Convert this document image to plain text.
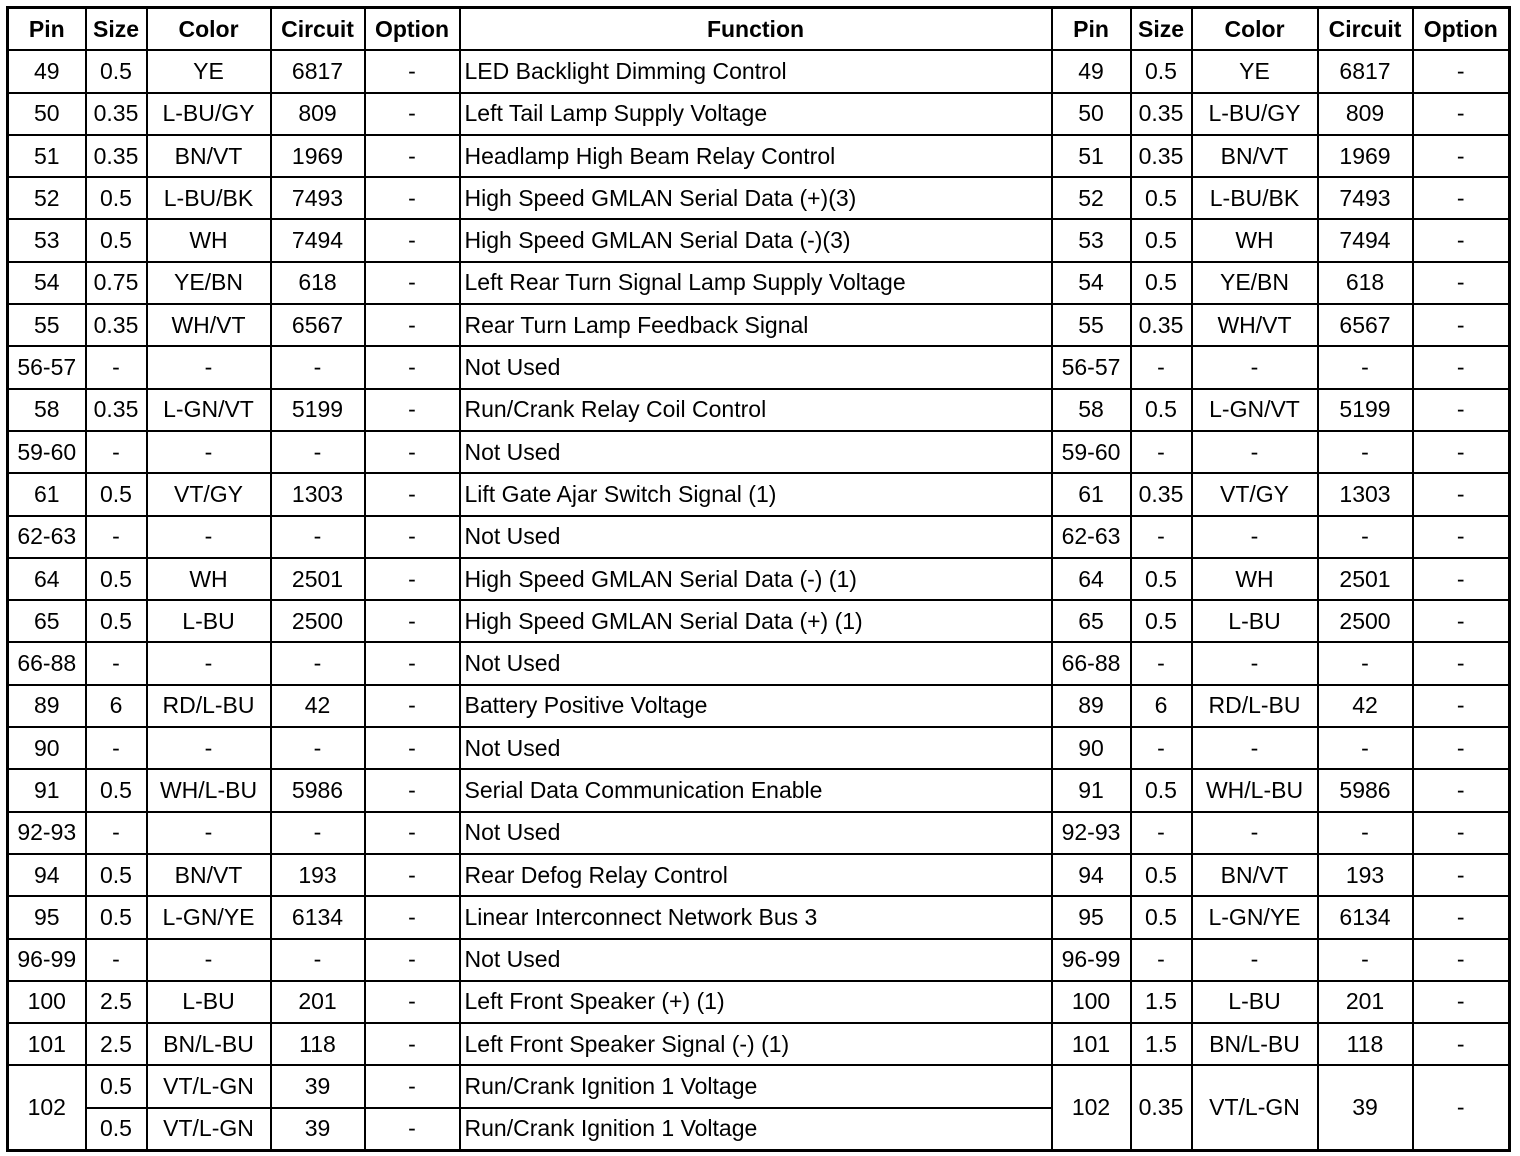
Pin	Size	Color	Circuit	Option	Function	Pin	Size	Color	Circuit	Option
49	0.5	YE	6817	-	LED Backlight Dimming Control	49	0.5	YE	6817	-
50	0.35	L-BU/GY	809	-	Left Tail Lamp Supply Voltage	50	0.35	L-BU/GY	809	-
51	0.35	BN/VT	1969	-	Headlamp High Beam Relay Control	51	0.35	BN/VT	1969	-
52	0.5	L-BU/BK	7493	-	High Speed GMLAN Serial Data (+)(3)	52	0.5	L-BU/BK	7493	-
53	0.5	WH	7494	-	High Speed GMLAN Serial Data (-)(3)	53	0.5	WH	7494	-
54	0.75	YE/BN	618	-	Left Rear Turn Signal Lamp Supply Voltage	54	0.5	YE/BN	618	-
55	0.35	WH/VT	6567	-	Rear Turn Lamp Feedback Signal	55	0.35	WH/VT	6567	-
56-57	-	-	-	-	Not Used	56-57	-	-	-	-
58	0.35	L-GN/VT	5199	-	Run/Crank Relay Coil Control	58	0.5	L-GN/VT	5199	-
59-60	-	-	-	-	Not Used	59-60	-	-	-	-
61	0.5	VT/GY	1303	-	Lift Gate Ajar Switch Signal (1)	61	0.35	VT/GY	1303	-
62-63	-	-	-	-	Not Used	62-63	-	-	-	-
64	0.5	WH	2501	-	High Speed GMLAN Serial Data (-) (1)	64	0.5	WH	2501	-
65	0.5	L-BU	2500	-	High Speed GMLAN Serial Data (+) (1)	65	0.5	L-BU	2500	-
66-88	-	-	-	-	Not Used	66-88	-	-	-	-
89	6	RD/L-BU	42	-	Battery Positive Voltage	89	6	RD/L-BU	42	-
90	-	-	-	-	Not Used	90	-	-	-	-
91	0.5	WH/L-BU	5986	-	Serial Data Communication Enable	91	0.5	WH/L-BU	5986	-
92-93	-	-	-	-	Not Used	92-93	-	-	-	-
94	0.5	BN/VT	193	-	Rear Defog Relay Control	94	0.5	BN/VT	193	-
95	0.5	L-GN/YE	6134	-	Linear Interconnect Network Bus 3	95	0.5	L-GN/YE	6134	-
96-99	-	-	-	-	Not Used	96-99	-	-	-	-
100	2.5	L-BU	201	-	Left Front Speaker (+) (1)	100	1.5	L-BU	201	-
101	2.5	BN/L-BU	118	-	Left Front Speaker Signal (-) (1)	101	1.5	BN/L-BU	118	-
102	0.5	VT/L-GN	39	-	Run/Crank Ignition 1 Voltage	102	0.35	VT/L-GN	39	-
	0.5	VT/L-GN	39	-	Run/Crank Ignition 1 Voltage					
